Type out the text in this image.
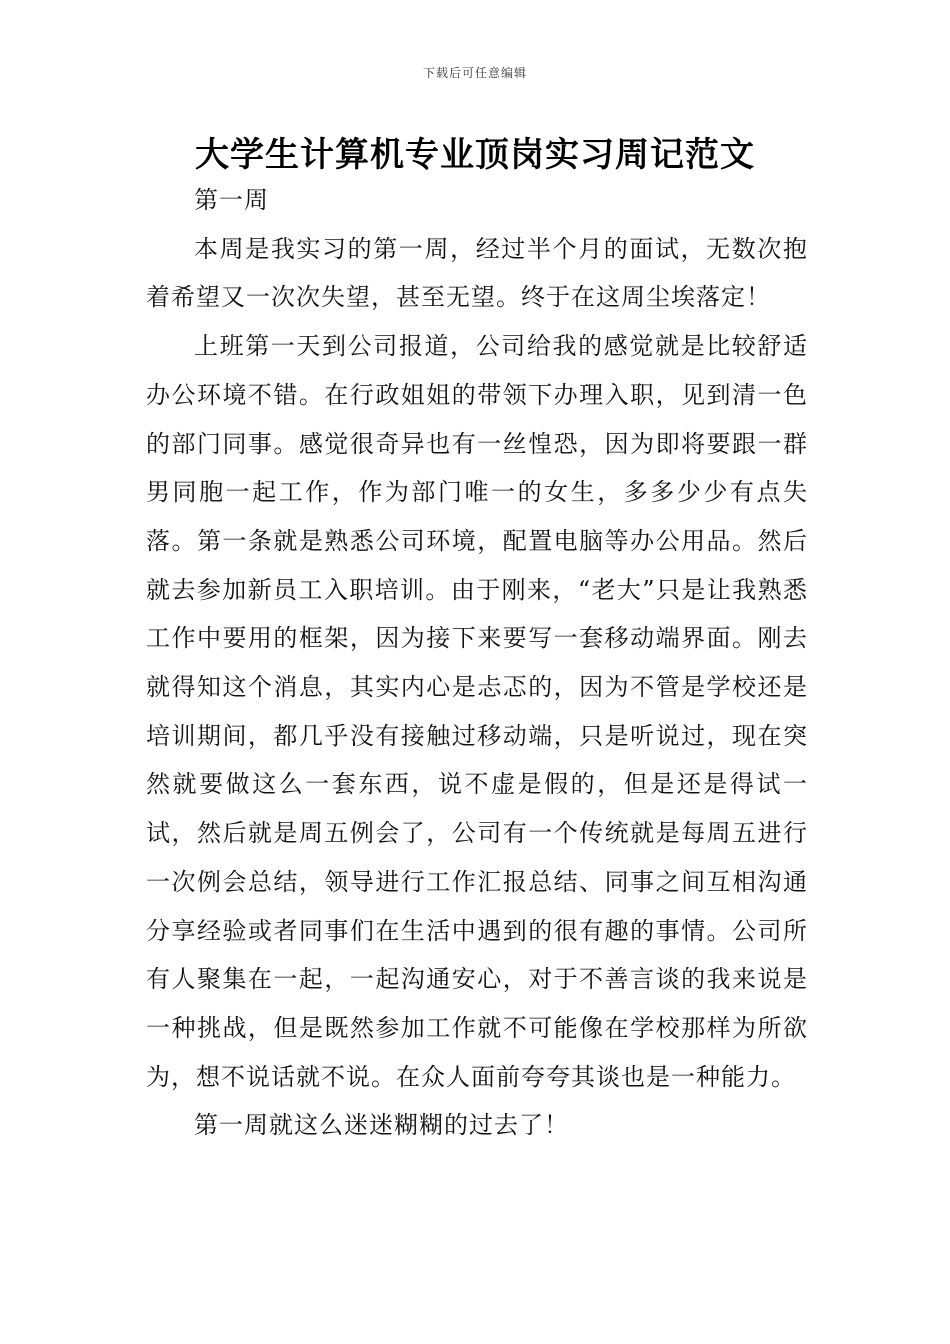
下载后可任意编辑
大学生计算机专业顶岗实习周记范文

第一周

本周是我实习的第一周，经过半个月的面试，无数次抱着希望又一次次失望，甚至无望。终于在这周尘埃落定！

上班第一天到公司报道，公司给我的感觉就是比较舒适办公环境不错。在行政姐姐的带领下办理入职，见到清一色的部门同事。感觉很奇异也有一丝惶恐，因为即将要跟一群男同胞一起工作，作为部门唯一的女生，多多少少有点失落。第一条就是熟悉公司环境，配置电脑等办公用品。然后就去参加新员工入职培训。由于刚来，“老大”只是让我熟悉工作中要用的框架，因为接下来要写一套移动端界面。刚去就得知这个消息，其实内心是忐忑的，因为不管是学校还是培训期间，都几乎没有接触过移动端，只是听说过，现在突然就要做这么一套东西，说不虚是假的，但是还是得试一试，然后就是周五例会了，公司有一个传统就是每周五进行一次例会总结，领导进行工作汇报总结、同事之间互相沟通分享经验或者同事们在生活中遇到的很有趣的事情。公司所有人聚集在一起，一起沟通安心，对于不善言谈的我来说是一种挑战，但是既然参加工作就不可能像在学校那样为所欲为，想不说话就不说。在众人面前夸夸其谈也是一种能力。

第一周就这么迷迷糊糊的过去了！
